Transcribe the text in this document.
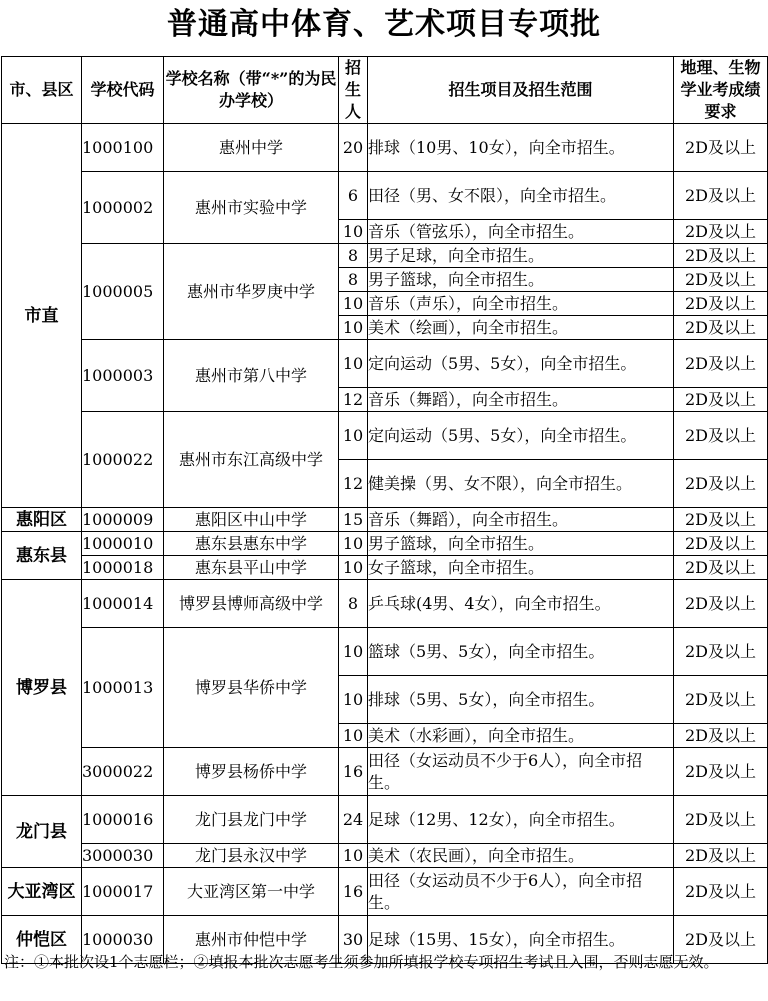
普通高中体育、艺术项目专项批
市、县区	学校代码	学校名称（带“*”的为民办学校）	招生人	招生项目及招生范围	地理、生物学业考成绩要求
市直	1000100	惠州中学	20	排球（10男、10女），向全市招生。	2D及以上
	1000002	惠州市实验中学	6	田径（男、女不限），向全市招生。	2D及以上
			10	音乐（管弦乐），向全市招生。	2D及以上
	1000005	惠州市华罗庚中学	8	男子足球，向全市招生。	2D及以上
			8	男子篮球，向全市招生。	2D及以上
			10	音乐（声乐），向全市招生。	2D及以上
			10	美术（绘画），向全市招生。	2D及以上
	1000003	惠州市第八中学	10	定向运动（5男、5女），向全市招生。	2D及以上
			12	音乐（舞蹈），向全市招生。	2D及以上
	1000022	惠州市东江高级中学	10	定向运动（5男、5女），向全市招生。	2D及以上
			12	健美操（男、女不限），向全市招生。	2D及以上
惠阳区	1000009	惠阳区中山中学	15	音乐（舞蹈），向全市招生。	2D及以上
惠东县	1000010	惠东县惠东中学	10	男子篮球，向全市招生。	2D及以上
	1000018	惠东县平山中学	10	女子篮球，向全市招生。	2D及以上
博罗县	1000014	博罗县博师高级中学	8	乒乓球(4男、4女），向全市招生。	2D及以上
	1000013	博罗县华侨中学	10	篮球（5男、5女），向全市招生。	2D及以上
			10	排球（5男、5女），向全市招生。	2D及以上
			10	美术（水彩画），向全市招生。	2D及以上
	3000022	博罗县杨侨中学	16	田径（女运动员不少于6人），向全市招生。	2D及以上
龙门县	1000016	龙门县龙门中学	24	足球（12男、12女），向全市招生。	2D及以上
	3000030	龙门县永汉中学	10	美术（农民画），向全市招生。	2D及以上
大亚湾区	1000017	大亚湾区第一中学	16	田径（女运动员不少于6人），向全市招生。	2D及以上
仲恺区	1000030	惠州市仲恺中学	30	足球（15男、15女），向全市招生。	2D及以上
注：①本批次设1个志愿栏；②填报本批次志愿考生须参加所填报学校专项招生考试且入围，否则志愿无效。
